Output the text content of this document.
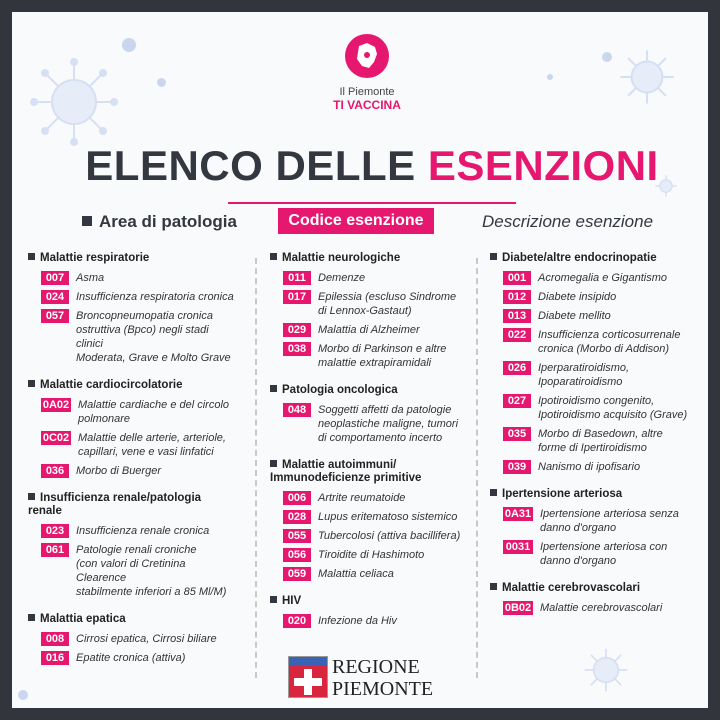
Il Piemonte
TI VACCINA
ELENCO DELLE ESENZIONI
Area di patologia	Codice esenzione	Descrizione esenzione
Malattie respiratorie
007	Asma
024	Insufficienza respiratoria cronica
057	Broncopneumopatia cronica
ostruttiva (Bpco) negli stadi clinici
Moderata, Grave e Molto Grave
Malattie cardiocircolatorie
0A02 Malattie cardiache e del circolo
polmonare
0C02 Malattie delle arterie, arteriole,
capillari, vene e vasi linfatici
036	Morbo di Buerger
Insufficienza renale/patologia renale
023	Insufficienza renale cronica
061	Patologie renali croniche
(con valori di Cretinina Clearence
stabilmente inferiori a 85 Ml/M)
Malattia epatica
008	Cirrosi epatica, Cirrosi biliare
016	Epatite cronica (attiva)
Malattie neurologiche
011	Demenze
017	Epilessia (escluso Sindrome
di Lennox-Gastaut)
029	Malattia di Alzheimer
038	Morbo di Parkinson e altre
malattie extrapiramidali
Patologia oncologica
048	Soggetti affetti da patologie
neoplastiche maligne, tumori
di comportamento incerto
Malattie autoimmuni/
Immunodeficienze primitive
006	Artrite reumatoide
028	Lupus eritematoso sistemico
055	Tubercolosi (attiva bacillifera)
056	Tiroidite di Hashimoto
059	Malattia celiaca
HIV
020	Infezione da Hiv
Diabete/altre endocrinopatie
001	Acromegalia e Gigantismo
012	Diabete insipido
013	Diabete mellito
022	Insufficienza corticosurrenale
cronica (Morbo di Addison)
026	Iperparatiroidismo,
Ipoparatiroidismo
027	Ipotiroidismo congenito,
Ipotiroidismo acquisito (Grave)
035	Morbo di Basedown, altre
forme di Ipertiroidismo
039	Nanismo di ipofisario
Ipertensione arteriosa
0A31 Ipertensione arteriosa senza
danno d'organo
0031 Ipertensione arteriosa con
danno d'organo
Malattie cerebrovascolari
0B02 Malattie cerebrovascolari
REGIONE
PIEMONTE
